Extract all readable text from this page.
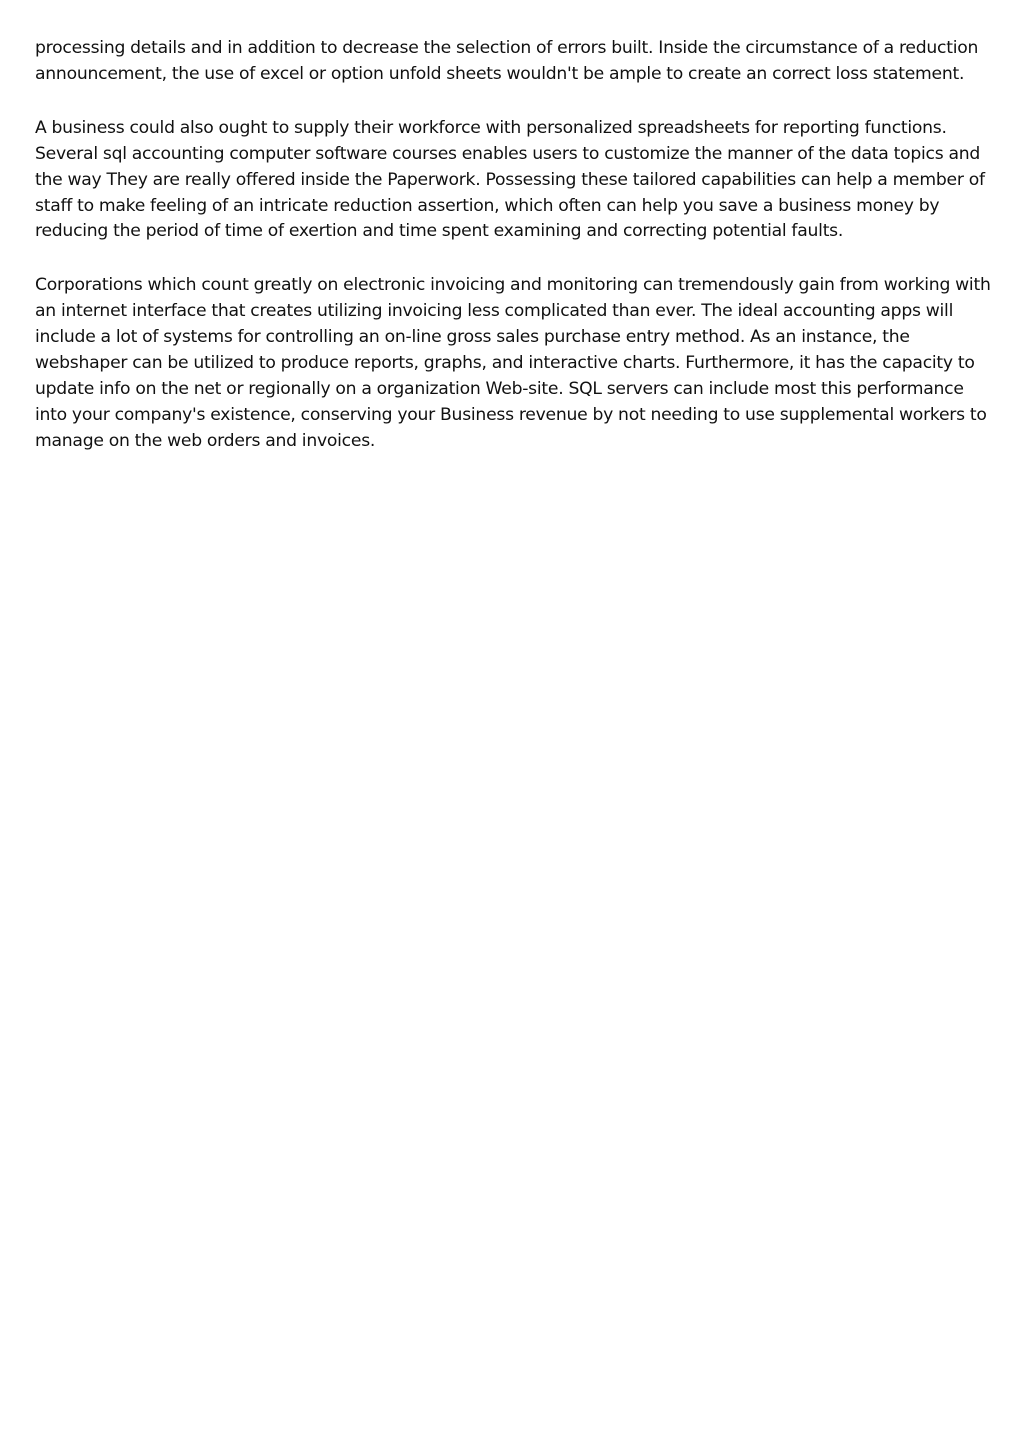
processing details and in addition to decrease the selection of errors built. Inside the circumstance of a reduction announcement, the use of excel or option unfold sheets wouldn't be ample to create an correct loss statement.

A business could also ought to supply their workforce with personalized spreadsheets for reporting functions. Several sql accounting computer software courses enables users to customize the manner of the data topics and the way They are really offered inside the Paperwork. Possessing these tailored capabilities can help a member of staff to make feeling of an intricate reduction assertion, which often can help you save a business money by reducing the period of time of exertion and time spent examining and correcting potential faults.

Corporations which count greatly on electronic invoicing and monitoring can tremendously gain from working with an internet interface that creates utilizing invoicing less complicated than ever. The ideal accounting apps will include a lot of systems for controlling an on-line gross sales purchase entry method. As an instance, the webshaper can be utilized to produce reports, graphs, and interactive charts. Furthermore, it has the capacity to update info on the net or regionally on a organization Web-site. SQL servers can include most this performance into your company's existence, conserving your Business revenue by not needing to use supplemental workers to manage on the web orders and invoices.
